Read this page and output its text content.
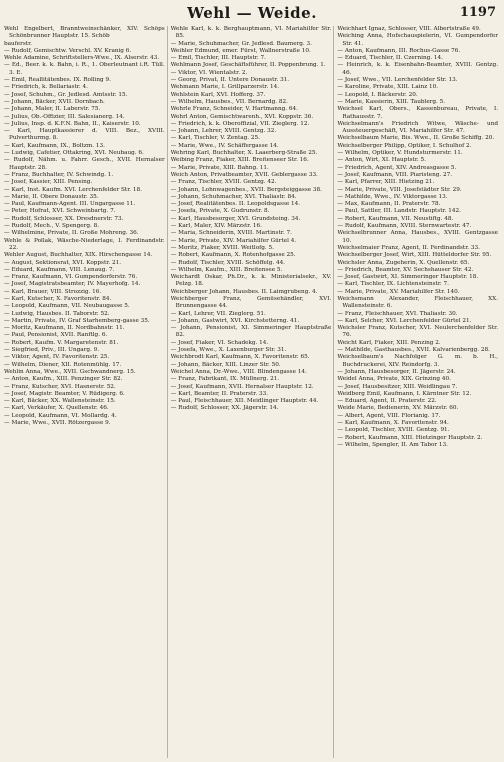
Wehl — Weide.	1197

Wehl Engelbert, Branntweinschänker, XIV. Schöps Schönbrunner Hauptstr. 15. Schöb

bauferstr.

— Rudolf, Gemischtw. Verschl. XV. Kranig 6.

Wehle Adamine, Schriftstellers-Wwe., IX. Alserstr. 43.

— Ed., Beer. k. k. Bahn, i. R., 1. Oberleutnant i.R. Tüll. 3. E.

— Emil, Reallitätenbes. IX. Rolling 9.

— Friedrich, k. Bellariastr. 4.

— Josef, Schuhm., Gr. Jedlesd. Amtsstr. 15.

— Johann, Bäcker, XVII. Dornbach.

— Johann, Maler, II. Laberstr. 75.

— Julius, Ob.-Offizier, III. Salesianerg. 14.

— Julius, Insp. d. K.F.N. Bahn, II., Kaiserstr. 10.

— Karl, Hauptkassierer d. VIII. Bez., XVIII. Pulverthurmg. 8.

— Karl, Kaufmann, IX., Boltzm. 13.

— Ludwig, Cafetier, Ottakring, XVI. Neubaug. 6.

— Rudolf, Nähm. u. Fahrr. Gesch., XVII. Hernalser Hauptstr. 28.

— Franz, Buchhalter, IV. Schwindg. 1.

— Josef, Kassier, XIII. Pensing.

— Karl, Inst. Kaufm. XVI. Lerchenfelder Str. 18.

— Marie, II. Obere Donaustr. 35.

— Paul, Kaufmann-Agent. III. Ungargasse 11.

— Peter, Hofrat, XVI. Schweinbartg. 7.

— Rudolf, Schlosser, XX. Dresdnerstr. 73.

— Rudolf, Mech., V. Spengerg. 8.

— Wilhelmine, Private, II. Große Mohreng. 36.

Wehle & Pollak, Wäsche-Niederlage, I. Ferdinandstr. 22.

Wehler August, Buchhalter, XIX. Hirschengasse 14.

— August, Sektionsrat, XVI. Koppstr. 21.

— Eduard, Kaufmann, VIII. Lenaug. 7.

— Franz, Kaufmann, VI. Gumpendorferstr. 76.

— Josef, Magistratsbeamter, IV. Mayerhofg. 14.

— Karl, Brauer, VIII. Strozzig. 16.

— Karl, Kutscher, X. Favoritenstr. 84.

— Leopold, Kaufmann, VII. Neubaugasse 5.

— Ludwig, Hausbes. II. Taborstr. 52.

— Martin, Private, IV. Graf Starhemberg-gasse 35.

— Moritz, Kaufmann, II. Nordbahnstr. 11.

— Paul, Pensionist, XVII. Ranftlg. 6.

— Robert, Kaufm. V. Margaretenstr. 81.

— Siegfried, Priv., III. Ungarg. 9.

— Viktor, Agent, IV. Favoritenstr. 25.

— Wilhelm, Diener, XII. Rotenmühlg. 17.

Wehlin Anna, Wwe., XVII. Gschwandnerg. 15.

— Anton, Kaufm., XIII. Penzinger Str. 82.

— Franz, Kutscher, XVI. Hasnerstr. 52.

— Josef, Magistr. Beamter, V. Rüdigerg. 6.

— Karl, Bäcker, XX. Wallensteinstr. 15.

— Karl, Verkäufer, X. Quellenstr. 46.

— Leopold, Kaufmann, VI. Mollardg. 4.

— Marie, Wwe., XVII. Rötzergasse 9.

Wehle Karl, k. k. Berghauptmann, VI. Mariahilfer Str. 85.

— Marie, Schuhmacher, Gr. Jedlesd. Baumerg. 3.

Weihler Edmund, emer. Fürst, Wallnerstraße 10.

— Emil, Tischler, III. Hauptstr. 7.

Wehlmann Josef, Geschäftsführer, II. Poppenbrung. 1.

— Viktor, VI. Wientalstr. 2.

— Georg, Privat, II. Untere Donaustr. 31.

Wehmann Marie, I. Grillparzerstr. 14.

Wehlstein Karl, XVI. Hofferg. 37.

— Wilhelm, Hausbes., VII. Bernardg. 82.

Wehrle Franz, Schneider, V. Hartmanng. 64.

Wehrl Anton, Gemischtwarenh., XVI. Koppstr. 36.

— Friedrich, k. k. Oberoffizial, VII. Zieglerg. 12.

— Johann, Lehrer, XVIII. Gentzg. 32.

— Karl, Tischler, V. Zentag. 25.

— Marie, Wwe., IV. Schäffergasse 14.

Wehring Karl, Buchhalter, X. Laaerberg-Straße 25.

Weibing Franz, Fiaker, XIII. Breitenseer Str. 16.

— Marie, Private, XIII. Bahng. 11.

Weich Anton, Privatbeamter, XVII. Geblergasse 33.

— Franz, Tischler, XVIII. Gentzg. 42.

— Johann, Lohnwagenbes., XVII. Bergsteiggasse 38.

— Johann, Schuhmacher, XVI. Thaliastr. 84.

— Josef, Realitätenbes. II. Leopoldsgasse 14.

— Josefa, Private, X. Gudrunstr. 8.

— Karl, Hausbesorger, XVI. Grundsteing. 34.

— Karl, Maler, XIV. Märzstr. 16.

— Maria, Schneiderin, XVIII. Martinstr. 7.

— Marie, Private, XIV. Mariahilfer Gürtel 4.

— Moritz, Fiaker, XVIII. Weitlofg. 5.

— Robert, Kaufmann, X. Rotenhofgasse 25.

— Rudolf, Tischler, XVIII. Schöffelg. 44.

— Wilhelm, Kaufm., XIII. Breitensee 5.

Weichardt Oskar, Ph.Dr., k. k. Ministerialsekr., XV. Pelzg. 18.

Weichberger Johann, Hausbes. II. Laimgrubeng. 4.

Weichberger Franz, Gemüsehändler, XVI. Brunnengasse 44.

— Karl, Lehrer, VII. Zieglerg. 51.

— Johann, Gastwirt, XVI. Kirchstetterng. 41.

— Johann, Pensionist, XI. Simmeringer Hauptstraße 82.

— Josef, Fiaker, VI. Schadekg. 14.

— Josefa, Wwe., X. Laxenburger Str. 31.

Weichbrodt Karl, Kaufmann, X. Favoritenstr. 65.

— Johann, Bäcker, XIII. Linzer Str. 50.

Weichel Anna, Dr.-Wwe., VIII. Blindengasse 14.

— Franz, Fabrikant, IX. Müllnerg. 21.

— Josef, Kaufmann, XVII. Hernalser Hauptstr. 12.

— Karl, Beamter, II. Praterstr. 33.

— Paul, Fleischhauer, XII. Meidlinger Hauptstr. 44.

— Rudolf, Schlosser, XX. Jägerstr. 14.

Weichhart Ignaz, Schlosser, VIII. Albertstraße 49.

Weiching Anna, Hofschauspielerin, VI. Gumpendorfer Str. 41.

— Anton, Kaufmann, III. Rochus-Gasse 76.

— Eduard, Tischler, II. Czerning. 14.

— Heinrich, k. k. Eisenbahn-Beamter, XVIII. Gentzg. 46.

— Josef, Wwe., VII. Lerchenfelder Str. 13.

— Karoline, Private, XIII. Lainz 10.

— Leopold, I. Bäckerstr. 20.

— Marie, Kassierin, XIII. Taublerg. 5.

Weichsel Karl, Obers., Kassenbureau, Private, I. Rathausstr. 7.

Weichselmann's Friedrich Witwe, Wäsche- und Aussteuergeschäft, VI. Mariahilfer Str. 47.

Weichselbaum Marie, Bis. Wwe., II. Große Schiffg. 20.

Weichselberger Philipp, Optiker, I. Schulhof 2.

— Wilhelm, Optiker, V. Hundsturmerstr. 11.

— Anton, Wirt, XI. Hauptstr. 5.

— Friedrich, Agent, XIV. Andreasgasse 5.

— Josef, Kaufmann, VIII. Piaristeng. 27.

— Karl, Pfarrer, XIII. Hietzing 21.

— Marie, Private, VIII. Josefstädter Str. 29.

— Mathilde, Wwe., IV. Viktorgasse 13.

— Max, Kaufmann, II. Praterstr. 78.

— Paul, Sattler, III. Landstr. Hauptstr. 142.

— Robert, Kaufmann, VII. Neustiftg. 48.

— Rudolf, Kaufmann, XVIII. Sternwartestr. 47.

Weichselbrunner Anna, Hausbes., XVIII. Gentzgasse 10.

Weichselmaier Franz, Agent, II. Ferdinandstr. 33.

Weichselberger Josef, Wirt, XIII. Hütteldorfer Str. 95.

Weichsler Anna, Zugeherin, X. Quellenstr. 65.

— Friedrich, Beamter, XV. Sechshauser Str. 42.

— Josef, Gastwirt, XI. Simmeringer Hauptstr. 18.

— Karl, Tischler, IX. Lichtensteinstr. 7.

— Marie, Private, XV. Mariahilfer Str. 140.

Weichsmann Alexander, Fleischhauer, XX. Wallensteinstr. 6.

— Franz, Fleischhauer, XVI. Thaliastr. 30.

— Karl, Selcher, XVI. Lerchenfelder Gürtel 21.

Weichsler Franz, Kutscher, XVI. Neulerchenfelder Str. 76.

Weicht Karl, Fiaker, XIII. Penzing 2.

— Mathilde, Gasthausbes., XVII. Kalvarienbergg. 28.

Weichselbaum's Nachfolger G. m. b. H., Buchdruckerei, XIV. Reindorfg. 3.

— Johann, Hausbesorger, II. Jägerstr. 24.

Weidel Anna, Private, XIX. Grinzing 40.

— Josef, Hausbesitzer, XIII. Weidlingau 7.

Weidberg Emil, Kaufmann, I. Kärntner Str. 12.

— Eduard, Agent, II. Praterstr. 22.

Weide Marie, Bedienerin, XV. Märzstr. 60.

— Albert, Agent, VIII. Florianig. 17.

— Karl, Kaufmann, X. Favoritenstr. 94.

— Leopold, Tischler, XVIII. Gentzg. 91.

— Robert, Kaufmann, XIII. Hietzinger Hauptstr. 2.

— Wilhelm, Spengler, II. Am Tabor 13.
